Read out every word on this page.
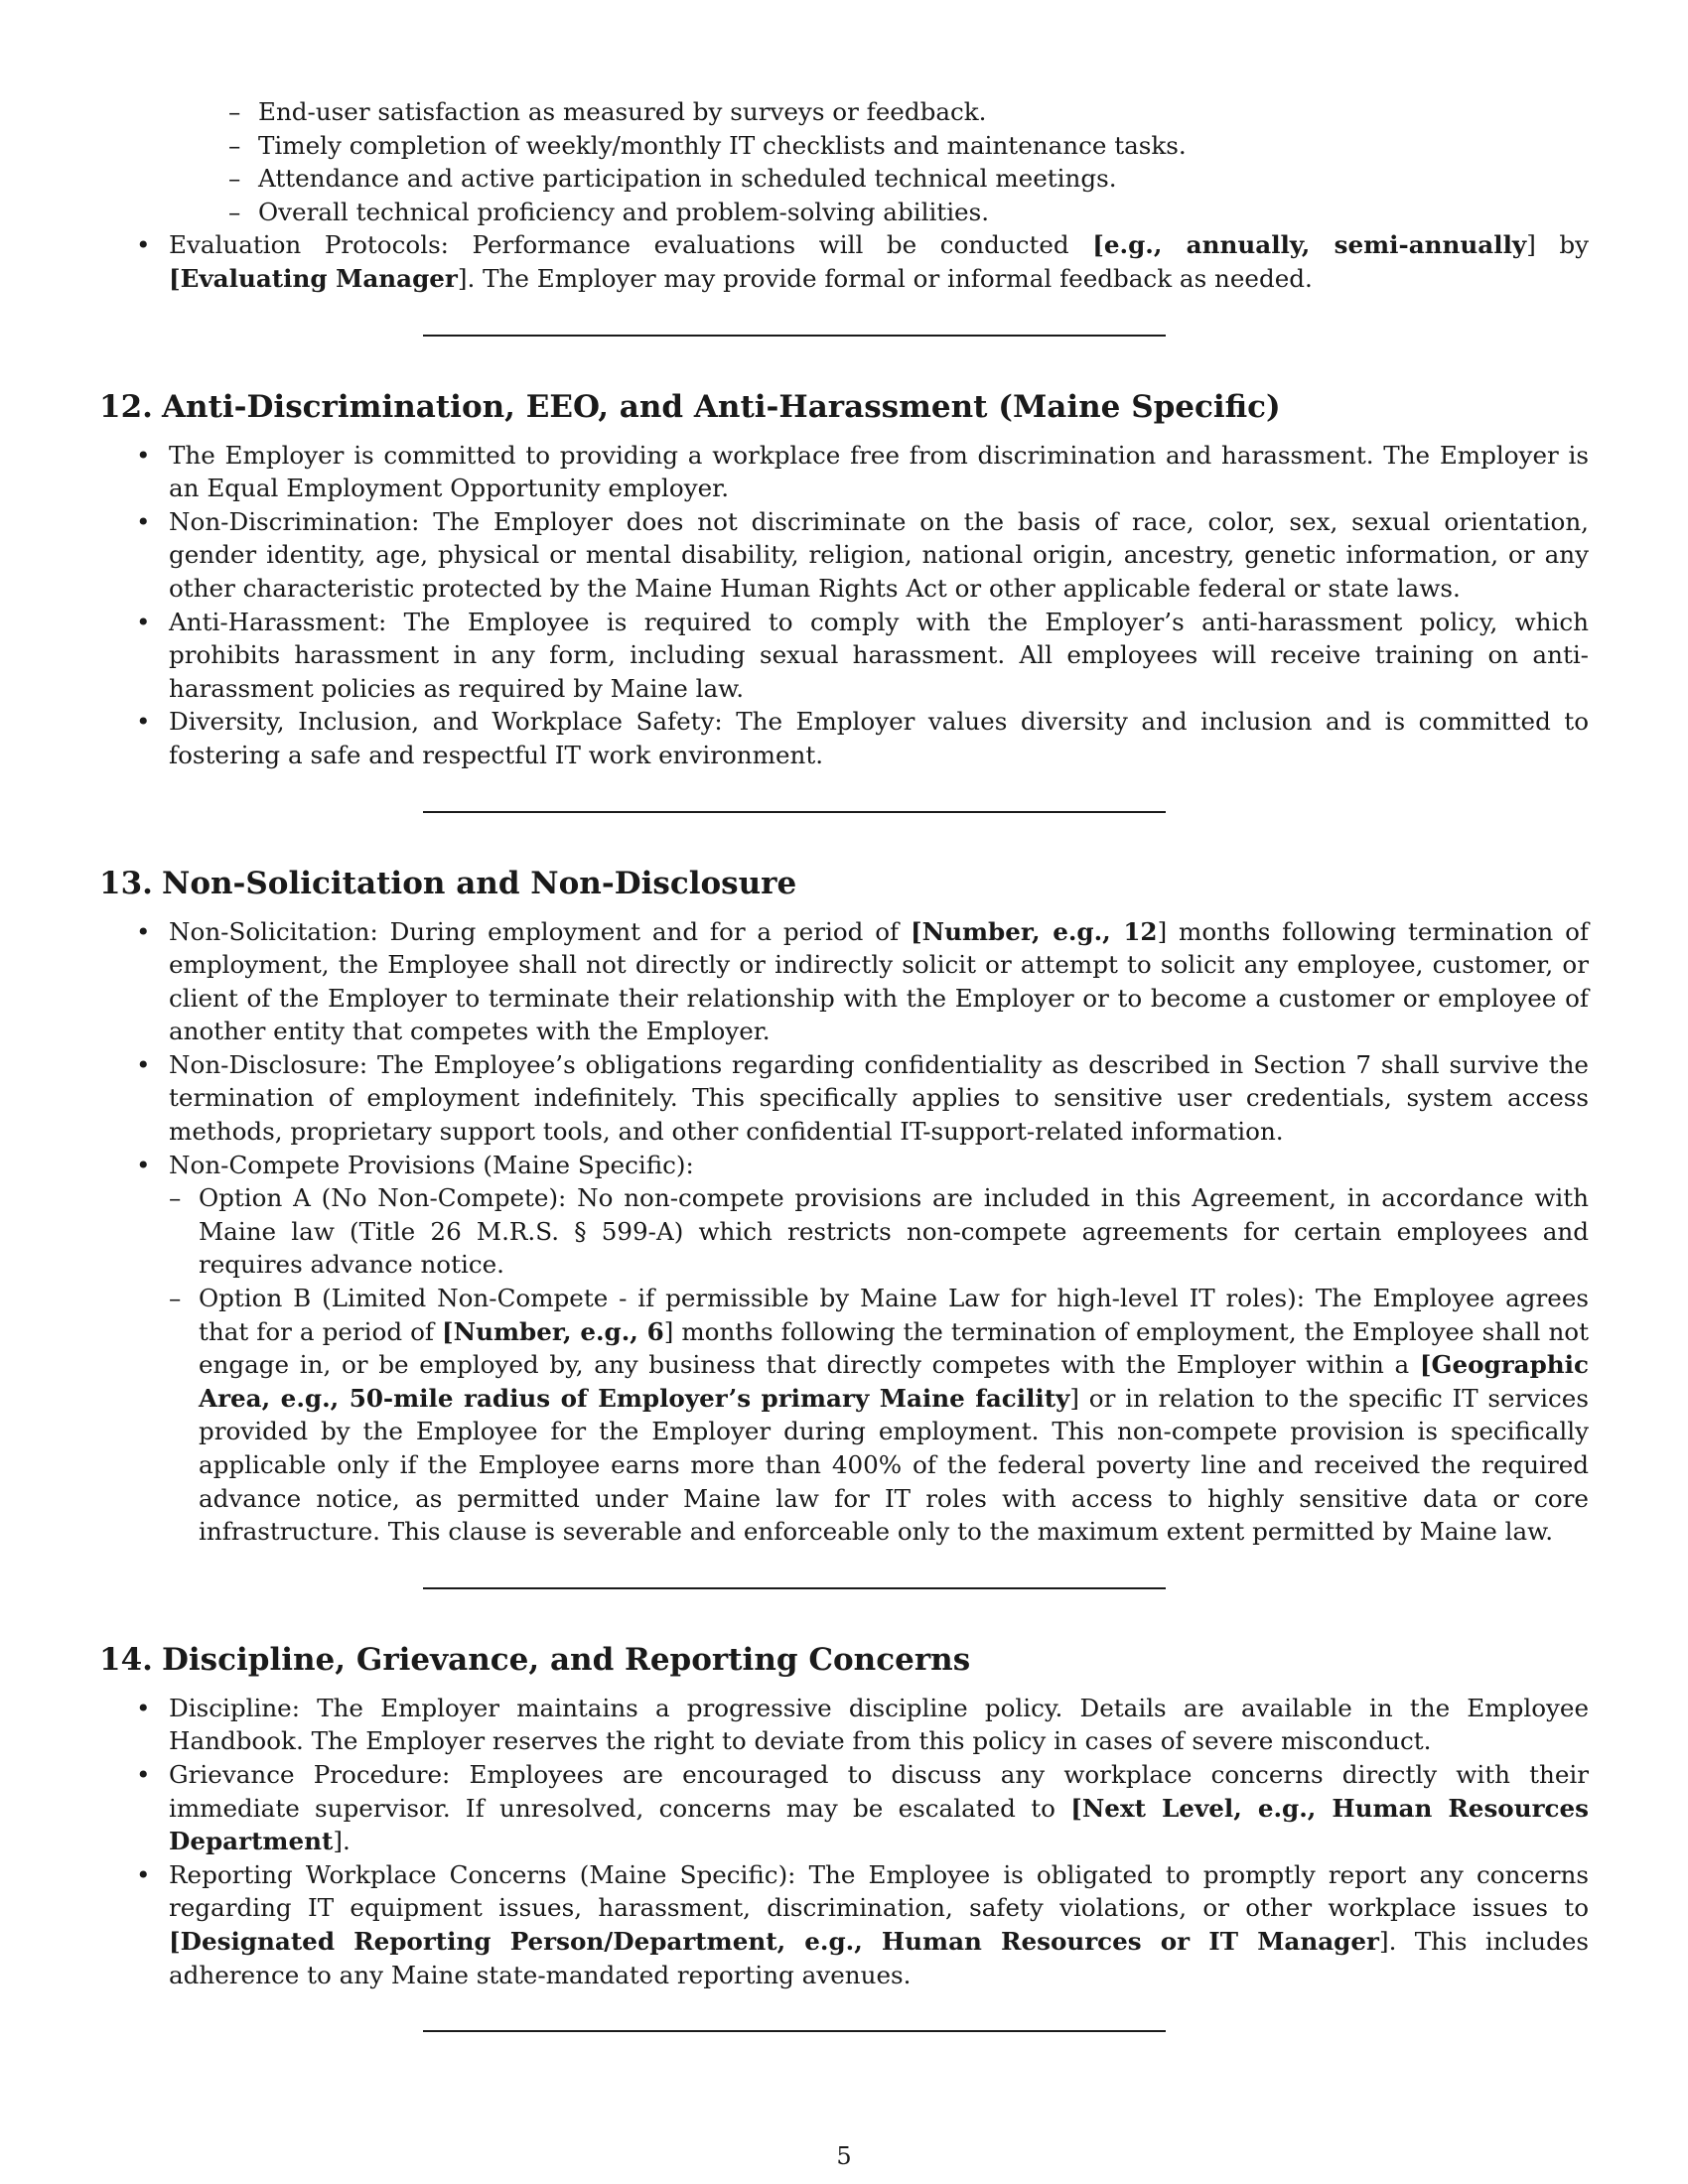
– End-user satisfaction as measured by surveys or feedback.
– Timely completion of weekly/monthly IT checklists and maintenance tasks.
– Attendance and active participation in scheduled technical meetings.
– Overall technical proficiency and problem-solving abilities.
• Evaluation Protocols: Performance evaluations will be conducted [e.g., annually, semi-annually] by [Evaluating Manager]. The Employer may provide formal or informal feedback as needed.
12. Anti-Discrimination, EEO, and Anti-Harassment (Maine Specific)
• The Employer is committed to providing a workplace free from discrimination and harassment. The Employer is an Equal Employment Opportunity employer.
• Non-Discrimination: The Employer does not discriminate on the basis of race, color, sex, sexual orientation, gender identity, age, physical or mental disability, religion, national origin, ancestry, genetic information, or any other characteristic protected by the Maine Human Rights Act or other applicable federal or state laws.
• Anti-Harassment: The Employee is required to comply with the Employer’s anti-harassment policy, which prohibits harassment in any form, including sexual harassment. All employees will receive training on anti-harassment policies as required by Maine law.
• Diversity, Inclusion, and Workplace Safety: The Employer values diversity and inclusion and is committed to fostering a safe and respectful IT work environment.
13. Non-Solicitation and Non-Disclosure
• Non-Solicitation: During employment and for a period of [Number, e.g., 12] months following termination of employment, the Employee shall not directly or indirectly solicit or attempt to solicit any employee, customer, or client of the Employer to terminate their relationship with the Employer or to become a customer or employee of another entity that competes with the Employer.
• Non-Disclosure: The Employee’s obligations regarding confidentiality as described in Section 7 shall survive the termination of employment indefinitely. This specifically applies to sensitive user credentials, system access methods, proprietary support tools, and other confidential IT-support-related information.
• Non-Compete Provisions (Maine Specific):
– Option A (No Non-Compete): No non-compete provisions are included in this Agreement, in accordance with Maine law (Title 26 M.R.S. § 599-A) which restricts non-compete agreements for certain employees and requires advance notice.
– Option B (Limited Non-Compete - if permissible by Maine Law for high-level IT roles): The Employee agrees that for a period of [Number, e.g., 6] months following the termination of employment, the Employee shall not engage in, or be employed by, any business that directly competes with the Employer within a [Geographic Area, e.g., 50-mile radius of Employer’s primary Maine facility] or in relation to the specific IT services provided by the Employee for the Employer during employment. This non-compete provision is specifically applicable only if the Employee earns more than 400% of the federal poverty line and received the required advance notice, as permitted under Maine law for IT roles with access to highly sensitive data or core infrastructure. This clause is severable and enforceable only to the maximum extent permitted by Maine law.
14. Discipline, Grievance, and Reporting Concerns
• Discipline: The Employer maintains a progressive discipline policy. Details are available in the Employee Handbook. The Employer reserves the right to deviate from this policy in cases of severe misconduct.
• Grievance Procedure: Employees are encouraged to discuss any workplace concerns directly with their immediate supervisor. If unresolved, concerns may be escalated to [Next Level, e.g., Human Resources Department].
• Reporting Workplace Concerns (Maine Specific): The Employee is obligated to promptly report any concerns regarding IT equipment issues, harassment, discrimination, safety violations, or other workplace issues to [Designated Reporting Person/Department, e.g., Human Resources or IT Manager]. This includes adherence to any Maine state-mandated reporting avenues.
5
